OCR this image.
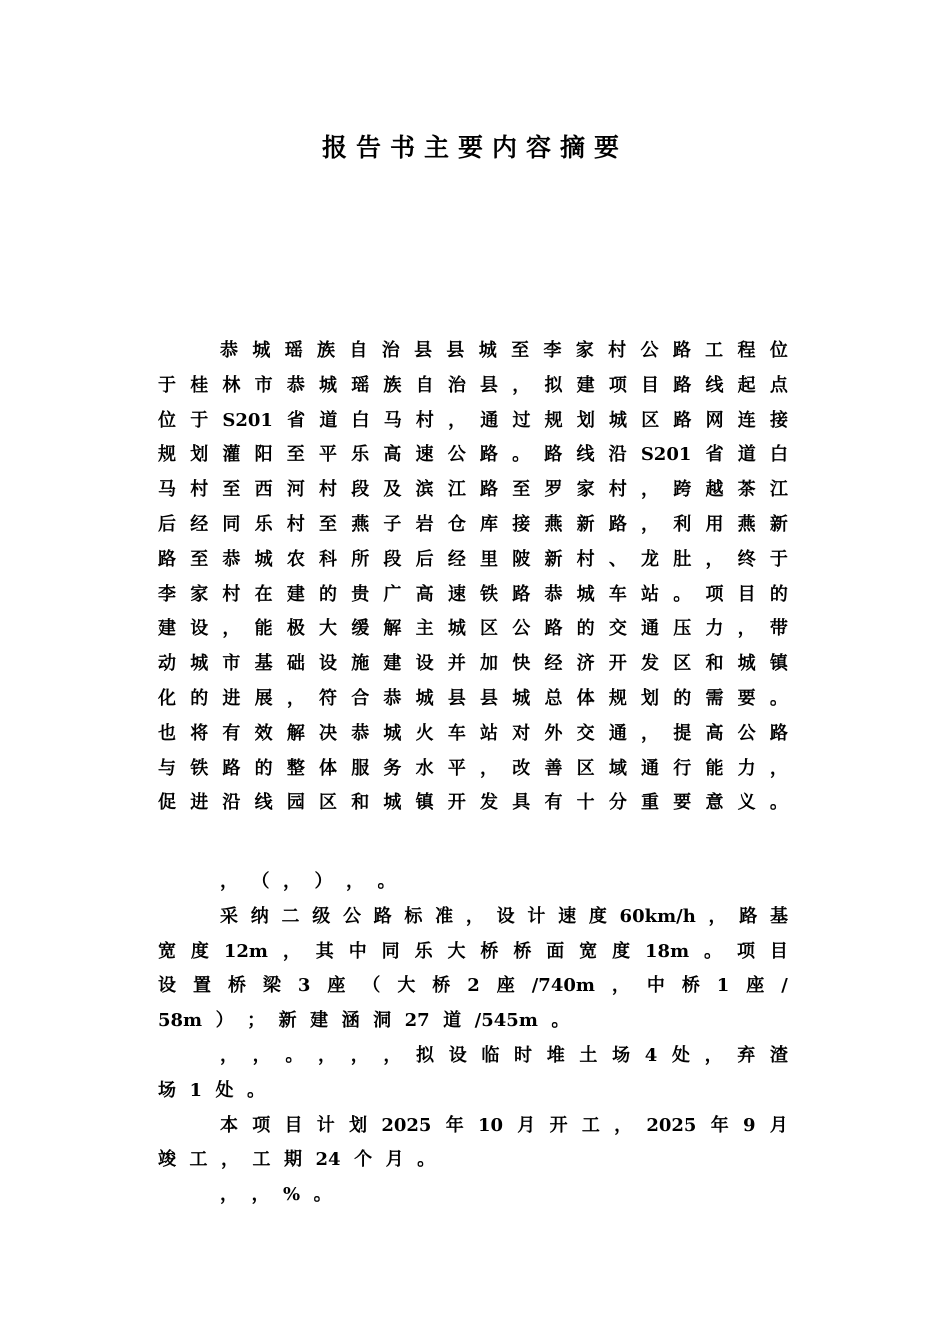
报告书主要内容摘要
恭 城 瑶 族 自 治 县 县 城 至 李 家 村 公 路 工 程 位
于 桂 林 市 恭 城 瑶 族 自 治 县 ， 拟 建 项 目 路 线 起 点
位 于 S201 省 道 白 马 村 ， 通 过 规 划 城 区 路 网 连 接
规 划 灌 阳 至 平 乐 高 速 公 路 。 路 线 沿 S201 省 道 白
马 村 至 西 河 村 段 及 滨 江 路 至 罗 家 村 ， 跨 越 茶 江
后 经 同 乐 村 至 燕 子 岩 仓 库 接 燕 新 路 ， 利 用 燕 新
路 至 恭 城 农 科 所 段 后 经 里 陂 新 村 、 龙 肚 ， 终 于
李 家 村 在 建 的 贵 广 高 速 铁 路 恭 城 车 站 。 项 目 的
建 设 ， 能 极 大 缓 解 主 城 区 公 路 的 交 通 压 力 ， 带
动 城 市 基 础 设 施 建 设 并 加 快 经 济 开 发 区 和 城 镇
化 的 进 展 ， 符 合 恭 城 县 县 城 总 体 规 划 的 需 要 。
也 将 有 效 解 决 恭 城 火 车 站 对 外 交 通 ， 提 高 公 路
与 铁 路 的 整 体 服 务 水 平 ， 改 善 区 域 通 行 能 力 ，
促 进 沿 线 园 区 和 城 镇 开 发 具 有 十 分 重 要 意 义 。
， （ ， ） ， 。
采 纳 二 级 公 路 标 准 ， 设 计 速 度 60km/h ， 路 基
宽 度 12m ， 其 中 同 乐 大 桥 桥 面 宽 度 18m 。 项 目
设 置 桥 梁 3 座 （ 大 桥 2 座 /740m ， 中 桥 1 座 /
58m ） ； 新 建 涵 洞 27 道 /545m 。
， ， 。 ， ， ， 拟 设 临 时 堆 土 场 4 处 ， 弃 渣
场 1 处 。
本 项 目 计 划 2025 年 10 月 开 工 ， 2025 年 9 月
竣 工 ， 工 期 24 个 月 。
， ， % 。
